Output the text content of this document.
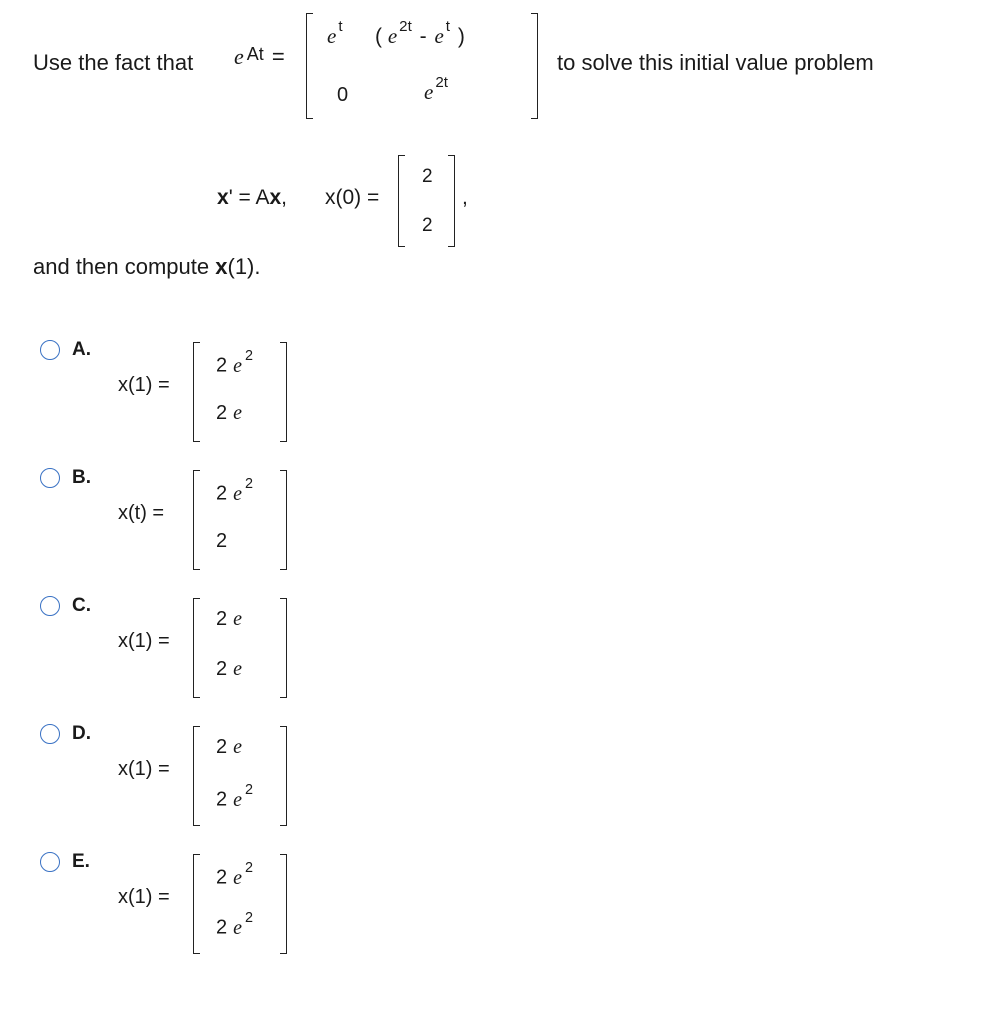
Use the fact that e $^{At}$ =
e $^t$ ( e $^{2t}$ - e $^t$ )
0	e $^{2t}$
to solve this initial value problem
x' = Ax, x(0) =
2
2
,
and then compute x(1).
A.
x(1) =
2 e $^2$
2 e
B.
x(t) =
2 e $^2$
2
C.
x(1) =
2 e
2 e
D.
x(1) =
2 e
2 e $^2$
E.
x(1) =
2 e $^2$
2 e $^2$
